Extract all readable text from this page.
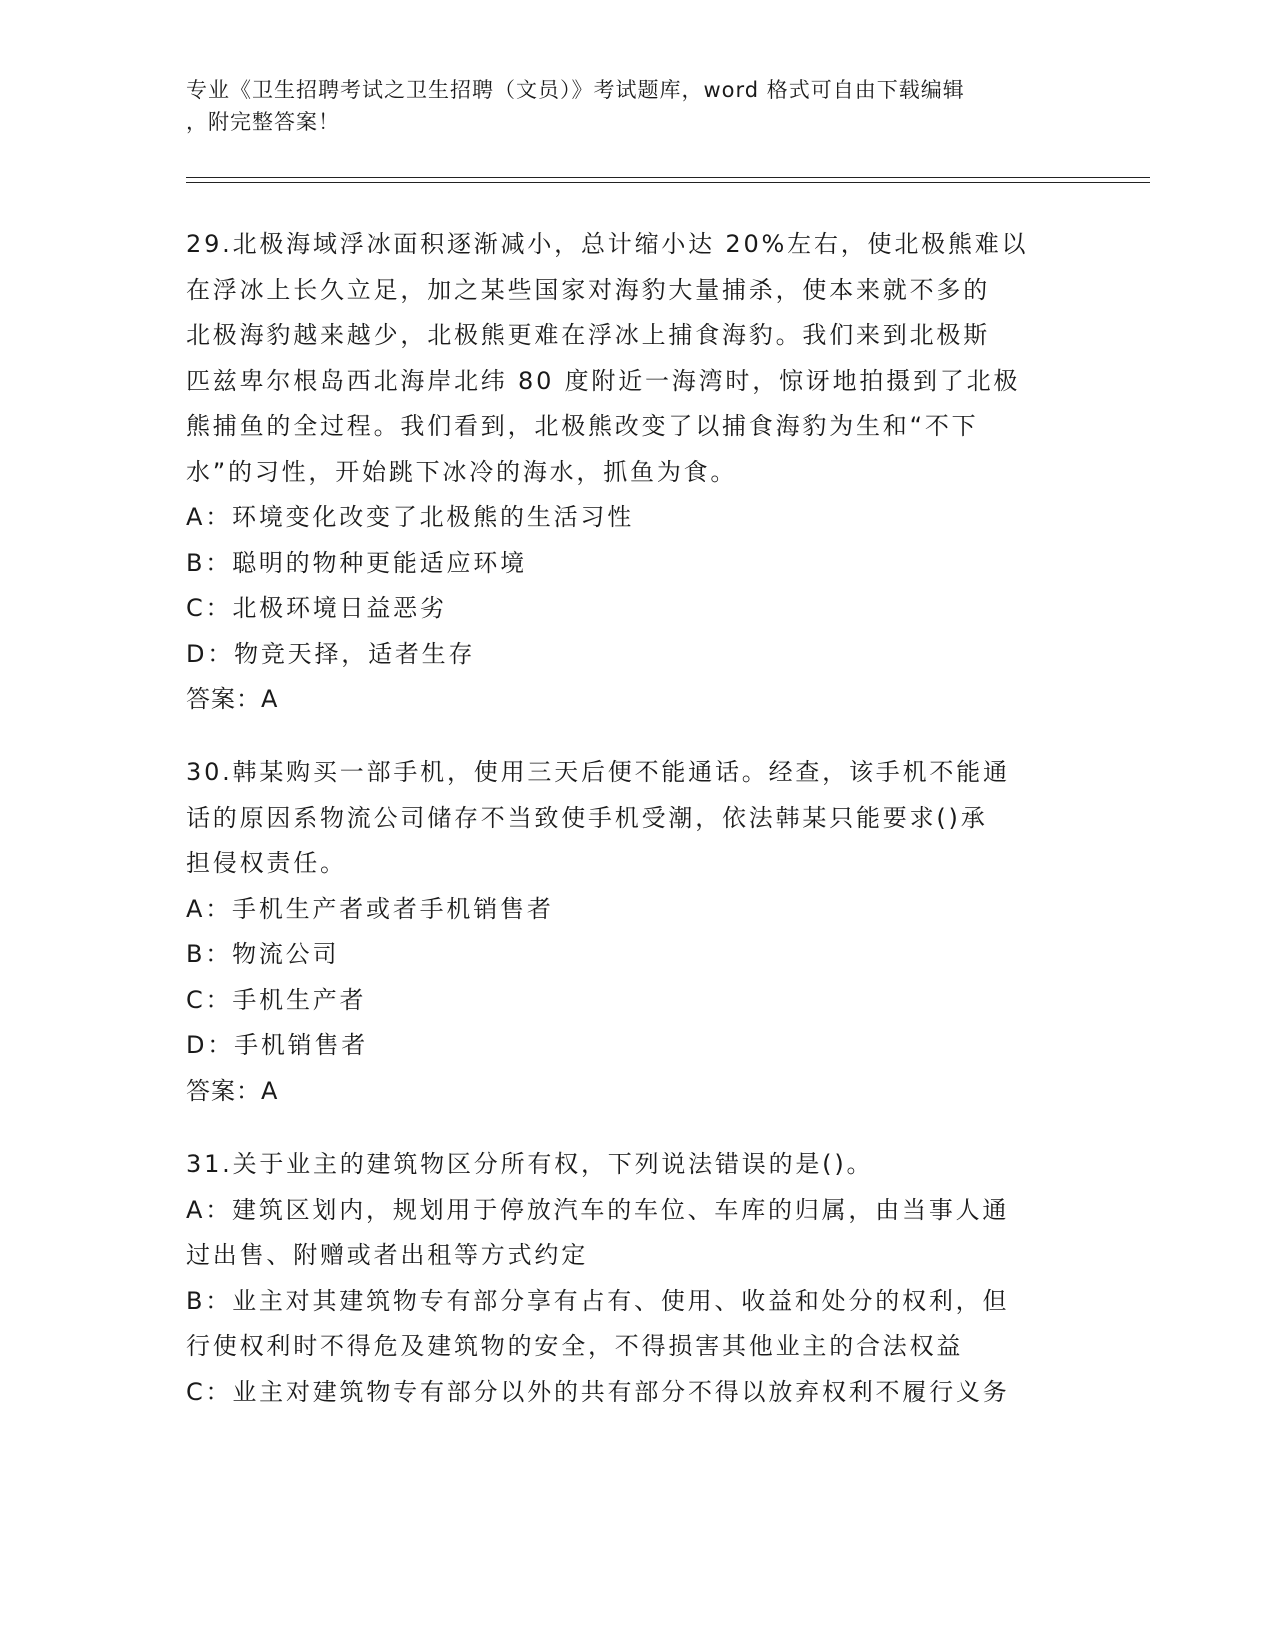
专业《卫生招聘考试之卫生招聘（文员）》考试题库，word 格式可自由下载编辑
，附完整答案！
29.北极海域浮冰面积逐渐减小，总计缩小达 20%左右，使北极熊难以
在浮冰上长久立足，加之某些国家对海豹大量捕杀，使本来就不多的
北极海豹越来越少，北极熊更难在浮冰上捕食海豹。我们来到北极斯
匹兹卑尔根岛西北海岸北纬 80 度附近一海湾时，惊讶地拍摄到了北极
熊捕鱼的全过程。我们看到，北极熊改变了以捕食海豹为生和“不下
水”的习性，开始跳下冰冷的海水，抓鱼为食。
A：环境变化改变了北极熊的生活习性
B：聪明的物种更能适应环境
C：北极环境日益恶劣
D：物竞天择，适者生存
答案：A
30.韩某购买一部手机，使用三天后便不能通话。经查，该手机不能通
话的原因系物流公司储存不当致使手机受潮，依法韩某只能要求()承
担侵权责任。
A：手机生产者或者手机销售者
B：物流公司
C：手机生产者
D：手机销售者
答案：A
31.关于业主的建筑物区分所有权，下列说法错误的是()。
A：建筑区划内，规划用于停放汽车的车位、车库的归属，由当事人通
过出售、附赠或者出租等方式约定
B：业主对其建筑物专有部分享有占有、使用、收益和处分的权利，但
行使权利时不得危及建筑物的安全，不得损害其他业主的合法权益
C：业主对建筑物专有部分以外的共有部分不得以放弃权利不履行义务
